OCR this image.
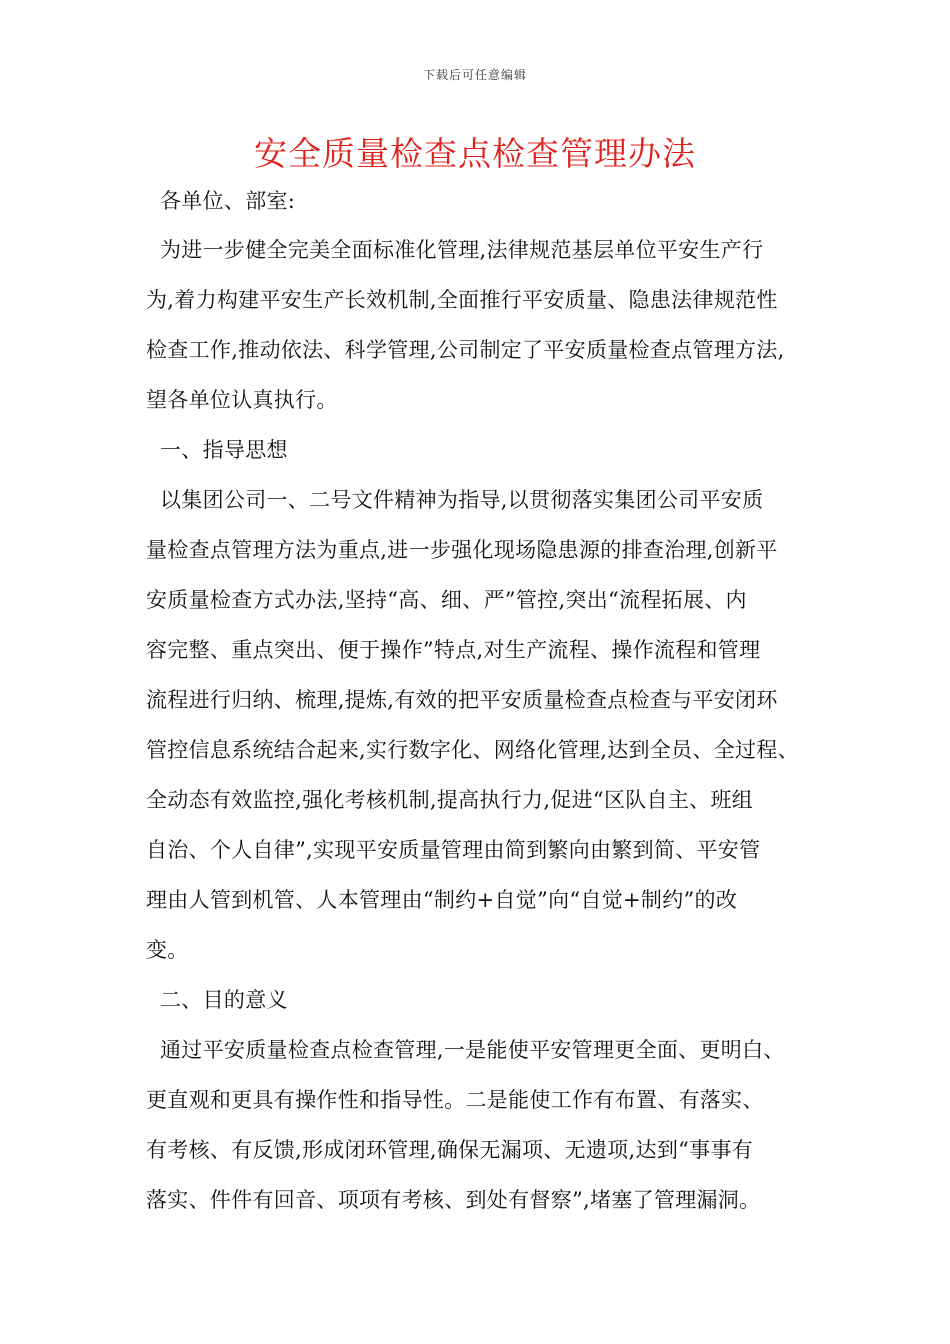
下载后可任意编辑
安全质量检查点检查管理办法
各单位、部室:
为进一步健全完美全面标准化管理,法律规范基层单位平安生产行
为,着力构建平安生产长效机制,全面推行平安质量、隐患法律规范性
检查工作,推动依法、科学管理,公司制定了平安质量检查点管理方法,
望各单位认真执行。
一、指导思想
以集团公司一、二号文件精神为指导,以贯彻落实集团公司平安质
量检查点管理方法为重点,进一步强化现场隐患源的排查治理,创新平
安质量检查方式办法,坚持“高、细、严”管控,突出“流程拓展、内
容完整、重点突出、便于操作”特点,对生产流程、操作流程和管理
流程进行归纳、梳理,提炼,有效的把平安质量检查点检查与平安闭环
管控信息系统结合起来,实行数字化、网络化管理,达到全员、全过程、
全动态有效监控,强化考核机制,提高执行力,促进“区队自主、班组
自治、个人自律”,实现平安质量管理由简到繁向由繁到简、平安管
理由人管到机管、人本管理由“制约+自觉”向“自觉+制约”的改
变。
二、目的意义
通过平安质量检查点检查管理,一是能使平安管理更全面、更明白、
更直观和更具有操作性和指导性。二是能使工作有布置、有落实、
有考核、有反馈,形成闭环管理,确保无漏项、无遗项,达到“事事有
落实、件件有回音、项项有考核、到处有督察”,堵塞了管理漏洞。
